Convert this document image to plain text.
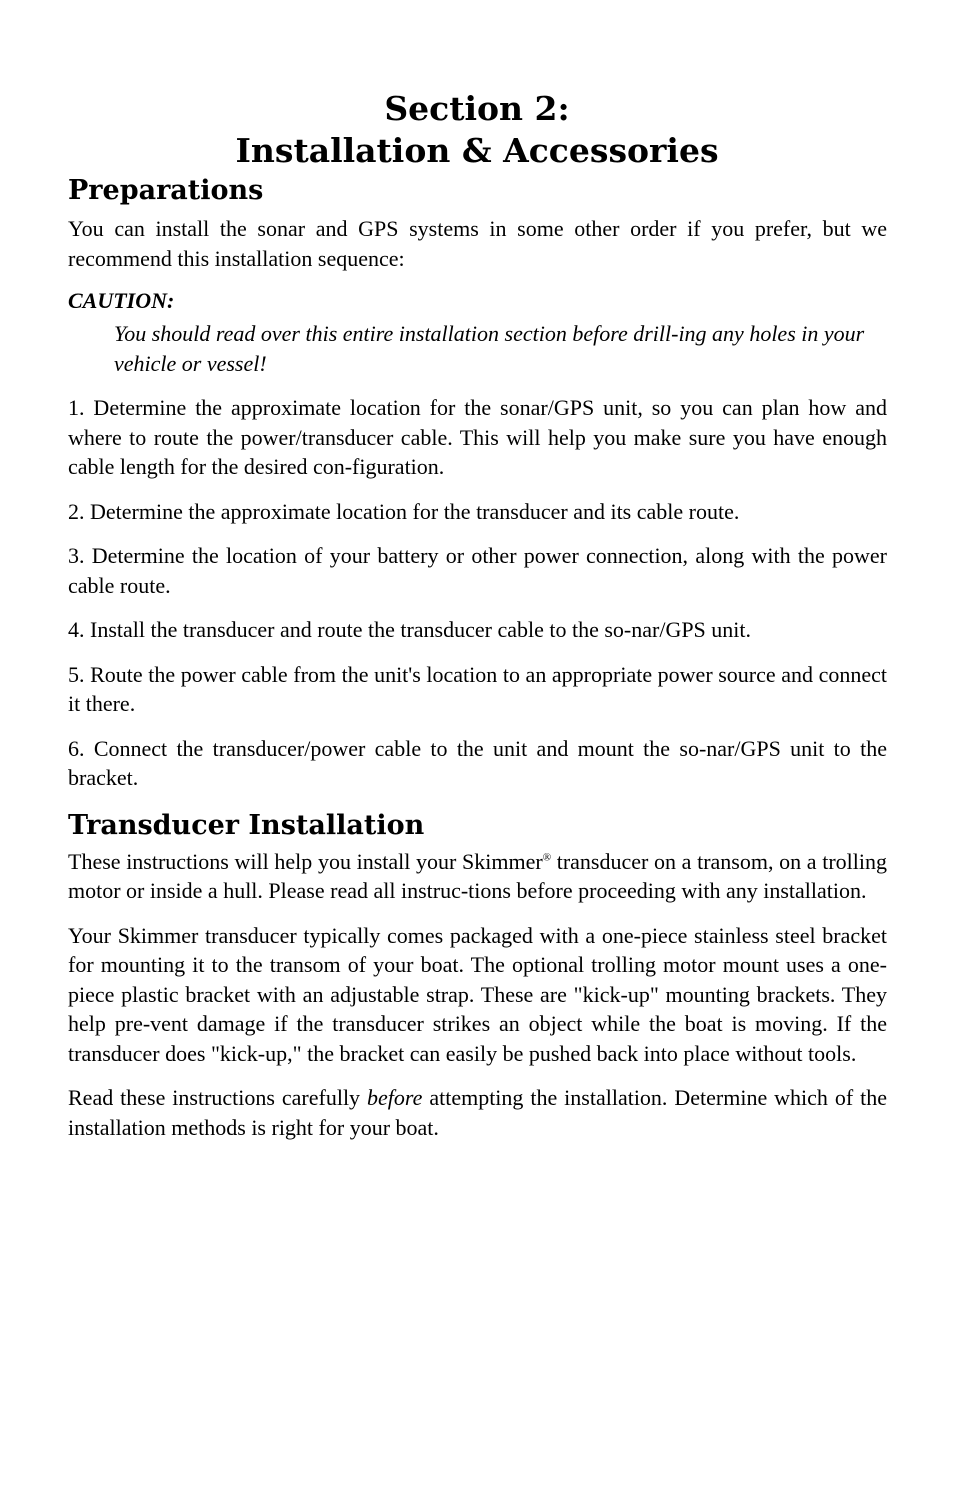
Section 2:
Installation & Accessories
Preparations

You can install the sonar and GPS systems in some other order if you prefer, but we recommend this installation sequence:

CAUTION:

You should read over this entire installation section before drill-ing any holes in your vehicle or vessel!

1. Determine the approximate location for the sonar/GPS unit, so you can plan how and where to route the power/transducer cable. This will help you make sure you have enough cable length for the desired con-figuration.

2. Determine the approximate location for the transducer and its cable route.

3. Determine the location of your battery or other power connection, along with the power cable route.

4. Install the transducer and route the transducer cable to the so-nar/GPS unit.

5. Route the power cable from the unit's location to an appropriate power source and connect it there.

6. Connect the transducer/power cable to the unit and mount the so-nar/GPS unit to the bracket.

Transducer Installation

These instructions will help you install your Skimmer® transducer on a transom, on a trolling motor or inside a hull. Please read all instruc-tions before proceeding with any installation.

Your Skimmer transducer typically comes packaged with a one-piece stainless steel bracket for mounting it to the transom of your boat. The optional trolling motor mount uses a one-piece plastic bracket with an adjustable strap. These are "kick-up" mounting brackets. They help pre-vent damage if the transducer strikes an object while the boat is moving. If the transducer does "kick-up," the bracket can easily be pushed back into place without tools.

Read these instructions carefully before attempting the installation. Determine which of the installation methods is right for your boat.
